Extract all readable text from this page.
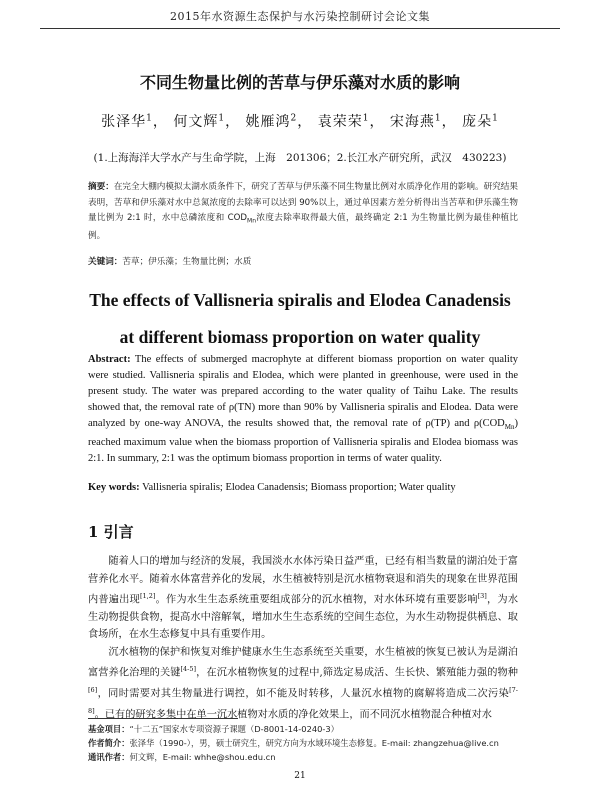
2015年水资源生态保护与水污染控制研讨会论文集
不同生物量比例的苦草与伊乐藻对水质的影响
张泽华$^1$， 何文辉$^1$， 姚雁鸿$^2$， 袁荣荣$^1$， 宋海燕$^1$， 庞朵$^1$
(1.上海海洋大学水产与生命学院，上海　201306；2.长江水产研究所，武汉　430223)
摘要：在完全大棚内模拟太湖水质条件下，研究了苦草与伊乐藻不同生物量比例对水质净化作用的影响。研究结果表明，苦草和伊乐藻对水中总氮浓度的去除率可以达到 90%以上，通过单因素方差分析得出当苦草和伊乐藻生物量比例为 2:1 时，水中总磷浓度和 $COD_{Mn}$浓度去除率取得最大值，最终确定 2:1 为生物量比例为最佳种植比例。
关键词：苦草；伊乐藻；生物量比例；水质
The effects of Vallisneria spiralis and Elodea Canadensis
at different biomass proportion on water quality
Abstract: The effects of submerged macrophyte at different biomass proportion on water quality were studied. Vallisneria spiralis and Elodea, which were planted in greenhouse, were used in the present study. The water was prepared according to the water quality of Taihu Lake. The results showed that, the removal rate of ρ(TN) more than 90% by Vallisneria spiralis and Elodea. Data were analyzed by one-way ANOVA, the results showed that, the removal rate of ρ(TP) and $\rho(COD_{Mn})$ reached maximum value when the biomass proportion of Vallisneria spiralis and Elodea biomass was 2:1. In summary, 2:1 was the optimum biomass proportion in terms of water quality.
Key words: Vallisneria spiralis; Elodea Canadensis; Biomass proportion; Water quality
1 引言

随着人口的增加与经济的发展，我国淡水水体污染日益严重，已经有相当数量的湖泊处于富营养化水平。随着水体富营养化的发展，水生植被特别是沉水植物衰退和消失的现象在世界范围内普遍出现[1,2]。作为水生生态系统重要组成部分的沉水植物，对水体环境有重要影响[3]，为水生动物提供食物，提高水中溶解氧，增加水生生态系统的空间生态位，为水生动物提供栖息、取食场所，在水生态修复中具有重要作用。

沉水植物的保护和恢复对维护健康水生生态系统至关重要，水生植被的恢复已被认为是湖泊富营养化治理的关键[4-5]，在沉水植物恢复的过程中,筛选定易成活、生长快、繁殖能力强的物种[6]，同时需要对其生物量进行调控，如不能及时转移，人量沉水植物的腐解将造成二次污染[7-8]。已有的研究多集中在单一沉水植物对水质的净化效果上，而不同沉水植物混合种植对水

基金项目：“十二五”国家水专项资源子课题（D-8001-14-0240-3）
作者简介：张泽华（1990-），男，硕士研究生，研究方向为水域环境生态修复。E-mail: zhangzehua@live.cn
通讯作者：何文辉，E-mail: whhe@shou.edu.cn
21
